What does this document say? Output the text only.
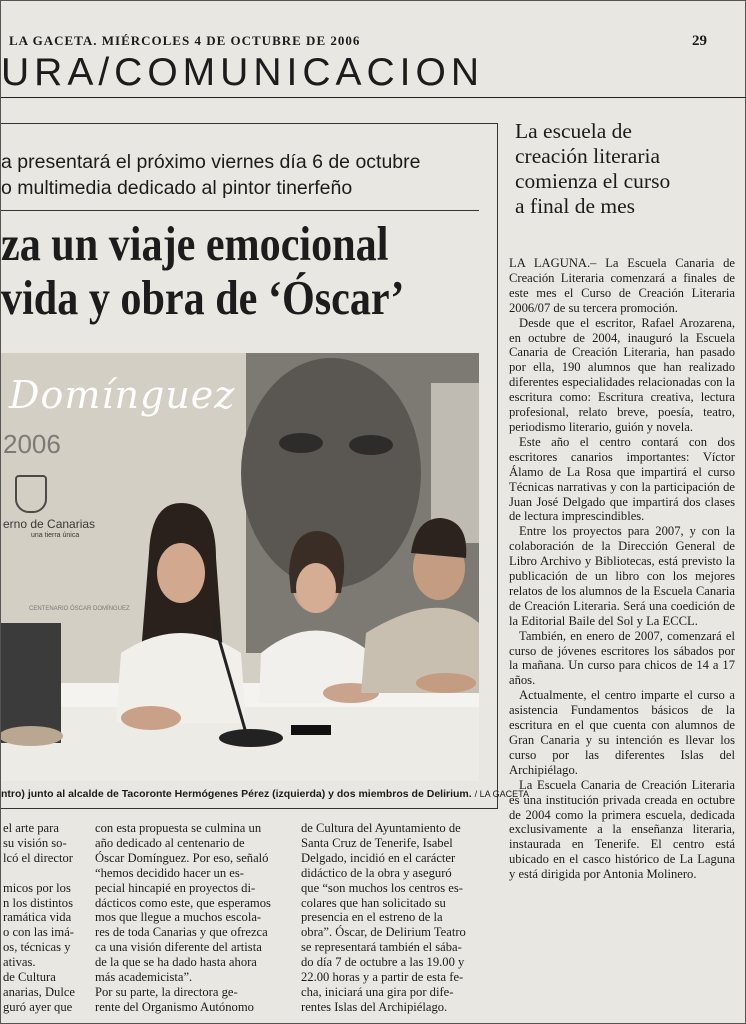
LA GACETA. MIÉRCOLES 4 DE OCTUBRE DE 2006	29
URA/COMUNICACION
a presentará el próximo viernes día 6 de octubre
o multimedia dedicado al pintor tinerfeño
za un viaje emocional
vida y obra de ‘Óscar’
Domínguez
2006
erno de Canarias
una tierra única
CENTENARIO ÓSCAR DOMÍNGUEZ
ntro) junto al alcalde de Tacoronte Hermógenes Pérez (izquierda) y dos miembros de Delirium. / LA GACETA
el arte para
su visión so-
lcó el director

micos por los
n los distintos
ramática vida
o con las imá-
os, técnicas y
ativas.
de Cultura
anarias, Dulce
guró ayer que
con esta propuesta se culmina un
año dedicado al centenario de
Óscar Domínguez. Por eso, señaló
“hemos decidido hacer un es-
pecial hincapié en proyectos di-
dácticos como este, que esperamos
mos que llegue a muchos escola-
res de toda Canarias y que ofrezca
ca una visión diferente del artista
de la que se ha dado hasta ahora
más academicista”.
Por su parte, la directora ge-
rente del Organismo Autónomo
de Cultura del Ayuntamiento de
Santa Cruz de Tenerife, Isabel
Delgado, incidió en el carácter
didáctico de la obra y aseguró
que “son muchos los centros es-
colares que han solicitado su
presencia en el estreno de la
obra”. Óscar, de Delirium Teatro
se representará también el sába-
do día 7 de octubre a las 19.00 y
22.00 horas y a partir de esta fe-
cha, iniciará una gira por dife-
rentes Islas del Archipiélago.
La escuela de
creación literaria
comienza el curso
a final de mes

LA LAGUNA.– La Escuela Canaria de Creación Literaria comenzará a finales de este mes el Curso de Creación Literaria 2006/07 de su tercera promoción.

Desde que el escritor, Rafael Arozarena, en octubre de 2004, inauguró la Escuela Canaria de Creación Literaria, han pasado por ella, 190 alumnos que han realizado diferentes especialidades relacionadas con la escritura como: Escritura creativa, lectura profesional, relato breve, poesía, teatro, periodismo literario, guión y novela.

Este año el centro contará con dos escritores canarios importantes: Víctor Álamo de La Rosa que impartirá el curso Técnicas narrativas y con la participación de Juan José Delgado que impartirá dos clases de lectura imprescindibles.

Entre los proyectos para 2007, y con la colaboración de la Dirección General de Libro Archivo y Bibliotecas, está previsto la publicación de un libro con los mejores relatos de los alumnos de la Escuela Canaria de Creación Literaria. Será una coedición de la Editorial Baile del Sol y La ECCL.

También, en enero de 2007, comenzará el curso de jóvenes escritores los sábados por la mañana. Un curso para chicos de 14 a 17 años.

Actualmente, el centro imparte el curso a asistencia Fundamentos básicos de la escritura en el que cuenta con alumnos de Gran Canaria y su intención es llevar los curso por las diferentes Islas del Archipiélago.

La Escuela Canaria de Creación Literaria es una institución privada creada en octubre de 2004 como la primera escuela, dedicada exclusivamente a la enseñanza literaria, instaurada en Tenerife. El centro está ubicado en el casco histórico de La Laguna y está dirigida por Antonia Molinero.
